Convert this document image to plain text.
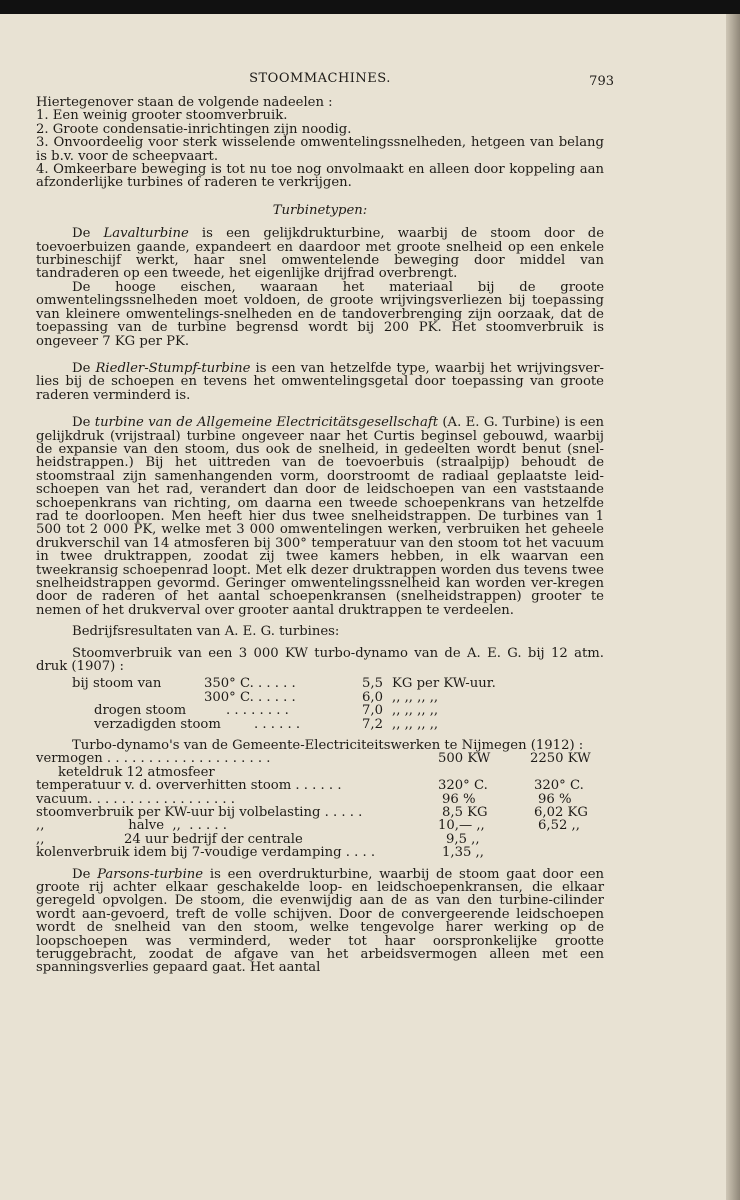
STOOMMACHINES.	793

Hiertegenover staan de volgende nadeelen :

1. Een weinig grooter stoomverbruik.

2. Groote condensatie-inrichtingen zijn noodig.

3. Onvoordeelig voor sterk wisselende omwentelingssnelheden, hetgeen van belang is b.v. voor de scheepvaart.

4. Omkeerbare beweging is tot nu toe nog onvolmaakt en alleen door koppeling aan afzonderlijke turbines of raderen te verkrijgen.

Turbinetypen:

De Lavalturbine is een gelijkdrukturbine, waarbij de stoom door de toevoerbuizen gaande, expandeert en daardoor met groote snelheid op een enkele turbineschijf werkt, haar snel omwentelende beweging door middel van tandraderen op een tweede, het eigenlijke drijfrad overbrengt.

De hooge eischen, waaraan het materiaal bij de groote omwentelingssnelheden moet voldoen, de groote wrijvingsverliezen bij toepassing van kleinere omwentelings-snelheden en de tandoverbrenging zijn oorzaak, dat de toepassing van de turbine begrensd wordt bij 200 PK. Het stoomverbruik is ongeveer 7 KG per PK.

De Riedler-Stumpf-turbine is een van hetzelfde type, waarbij het wrijvingsver-lies bij de schoepen en tevens het omwentelingsgetal door toepassing van groote raderen verminderd is.

De turbine van de Allgemeine Electricitätsgesellschaft (A. E. G. Turbine) is een gelijkdruk (vrijstraal) turbine ongeveer naar het Curtis beginsel gebouwd, waarbij de expansie van den stoom, dus ook de snelheid, in gedeelten wordt benut (snel-heidstrappen.) Bij het uittreden van de toevoerbuis (straalpijp) behoudt de stoomstraal zijn samenhangenden vorm, doorstroomt de radiaal geplaatste leid-schoepen van het rad, verandert dan door de leidschoepen van een vaststaande schoepenkrans van richting, om daarna een tweede schoepenkrans van hetzelfde rad te doorloopen. Men heeft hier dus twee snelheidstrappen. De turbines van 1 500 tot 2 000 PK, welke met 3 000 omwentelingen werken, verbruiken het geheele drukverschil van 14 atmosferen bij 300° temperatuur van den stoom tot het vacuum in twee druktrappen, zoodat zij twee kamers hebben, in elk waarvan een tweekransig schoepenrad loopt. Met elk dezer druktrappen worden dus tevens twee snelheidstrappen gevormd. Geringer omwentelingssnelheid kan worden ver-kregen door de raderen of het aantal schoepenkransen (snelheidstrappen) grooter te nemen of het drukverval over grooter aantal druktrappen te verdeelen.

Bedrijfsresultaten van A. E. G. turbines:

Stoomverbruik van een 3 000 KW turbo-dynamo van de A. E. G. bij 12 atm. druk (1907) :

bij stoom van	350° C. . . . . .	5,5 KG per KW-uur.
300° C. . . . . .	6,0 ,, ,, ,, ,,
drogen stoom	. . . . . . . .	7,0 ,, ,, ,, ,,
verzadigden stoom	. . . . . .	7,2 ,, ,, ,, ,,

Turbo-dynamo's van de Gemeente-Electriciteitswerken te Nijmegen (1912) :

vermogen . . . . . . . . . . . . . . . . . . . .	500 KW	2250 KW
keteldruk 12 atmosfeer
temperatuur v. d. oververhitten stoom . . . . . .	320° C.	320° C.
vacuum. . . . . . . . . . . . . . . . . .	96 %	96 %
stoomverbruik per KW-uur bij volbelasting . . . . .	8,5 KG	6,02 KG
,,                    halve  ,,  . . . . .	10,— ,,	6,52 ,,
,,                   24 uur bedrijf der centrale	9,5 ,,
kolenverbruik idem bij 7-voudige verdamping . . . .	1,35 ,,

De Parsons-turbine is een overdrukturbine, waarbij de stoom gaat door een groote rij achter elkaar geschakelde loop- en leidschoepenkransen, die elkaar geregeld opvolgen. De stoom, die evenwijdig aan de as van den turbine-cilinder wordt aan-gevoerd, treft de volle schijven. Door de convergeerende leidschoepen wordt de snelheid van den stoom, welke tengevolge harer werking op de loopschoepen was verminderd, weder tot haar oorspronkelijke grootte teruggebracht, zoodat de afgave van het arbeidsvermogen alleen met een spanningsverlies gepaard gaat. Het aantal
